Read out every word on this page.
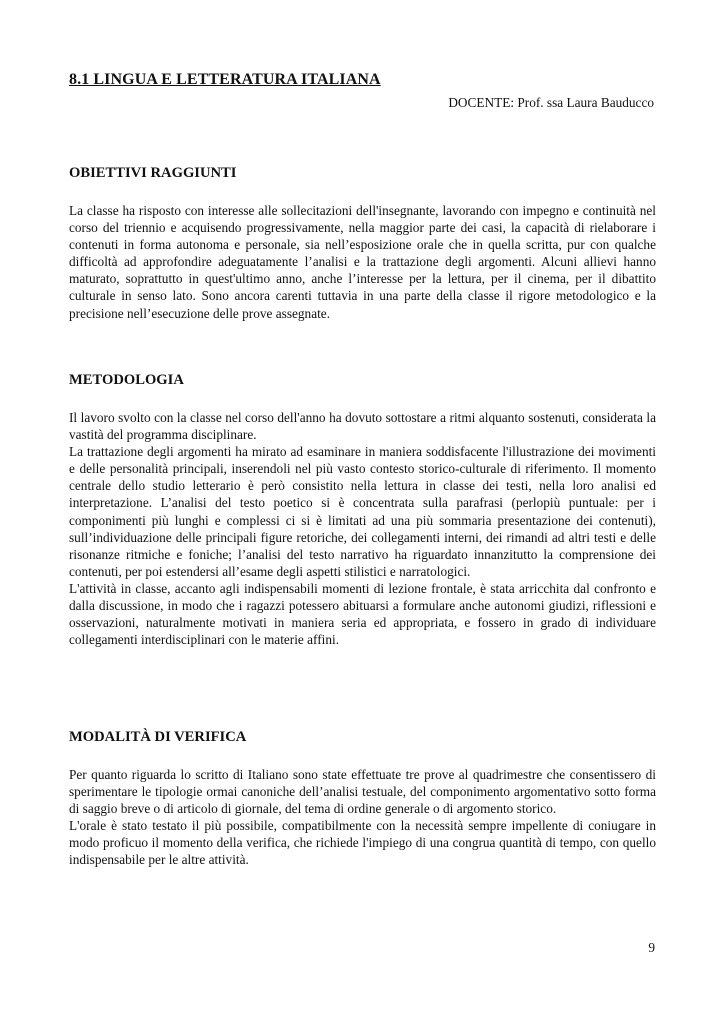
8.1 LINGUA E LETTERATURA ITALIANA

DOCENTE: Prof. ssa Laura Bauducco

OBIETTIVI RAGGIUNTI

La classe ha risposto con interesse alle sollecitazioni dell'insegnante, lavorando con impegno e continuità nel corso del triennio e acquisendo progressivamente, nella maggior parte dei casi, la capacità di rielaborare i contenuti in forma autonoma e personale, sia nell’esposizione orale che in quella scritta, pur con qualche difficoltà ad approfondire adeguatamente l’analisi e la trattazione degli argomenti. Alcuni allievi hanno maturato, soprattutto in quest'ultimo anno, anche l’interesse per la lettura, per il cinema, per il dibattito culturale in senso lato. Sono ancora carenti tuttavia in una parte della classe il rigore metodologico e la precisione nell’esecuzione delle prove assegnate.

METODOLOGIA

Il lavoro svolto con la classe nel corso dell'anno ha dovuto sottostare a ritmi alquanto sostenuti, considerata la vastità del programma disciplinare.

La trattazione degli argomenti ha mirato ad esaminare in maniera soddisfacente l'illustrazione dei movimenti e delle personalità principali, inserendoli nel più vasto contesto storico-culturale di riferimento. Il momento centrale dello studio letterario è però consistito nella lettura in classe dei testi, nella loro analisi ed interpretazione. L’analisi del testo poetico si è concentrata sulla parafrasi (perlopiù puntuale: per i componimenti più lunghi e complessi ci si è limitati ad una più sommaria presentazione dei contenuti), sull’individuazione delle principali figure retoriche, dei collegamenti interni, dei rimandi ad altri testi e delle risonanze ritmiche e foniche; l’analisi del testo narrativo ha riguardato innanzitutto la comprensione dei contenuti, per poi estendersi all’esame degli aspetti stilistici e narratologici.

L'attività in classe, accanto agli indispensabili momenti di lezione frontale, è stata arricchita dal confronto e dalla discussione, in modo che i ragazzi potessero abituarsi a formulare anche autonomi giudizi, riflessioni e osservazioni, naturalmente motivati in maniera seria ed appropriata, e fossero in grado di individuare collegamenti interdisciplinari con le materie affini.

MODALITÀ DI VERIFICA

Per quanto riguarda lo scritto di Italiano sono state effettuate tre prove al quadrimestre che consentissero di sperimentare le tipologie ormai canoniche dell’analisi testuale, del componimento argomentativo sotto forma di saggio breve o di articolo di giornale, del tema di ordine generale o di argomento storico.

L'orale è stato testato il più possibile, compatibilmente con la necessità sempre impellente di coniugare in modo proficuo il momento della verifica, che richiede l'impiego di una congrua quantità di tempo, con quello indispensabile per le altre attività.

9
